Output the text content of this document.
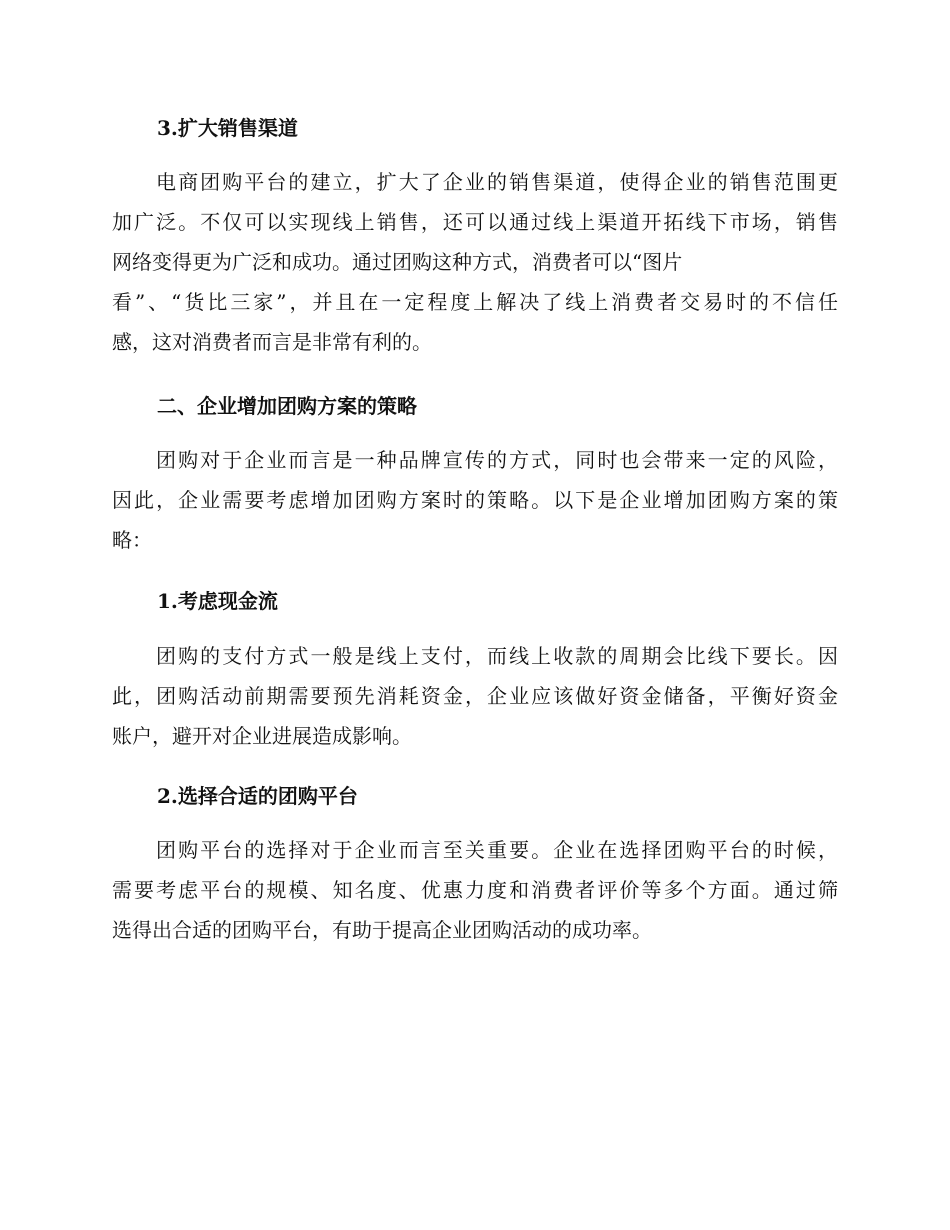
3.扩大销售渠道
电商团购平台的建立，扩大了企业的销售渠道，使得企业的销售范围更
加广泛。不仅可以实现线上销售，还可以通过线上渠道开拓线下市场，销售
网络变得更为广泛和成功。通过团购这种方式，消费者可以“图片
看”、“货比三家”，并且在一定程度上解决了线上消费者交易时的不信任
感，这对消费者而言是非常有利的。
二、企业增加团购方案的策略
团购对于企业而言是一种品牌宣传的方式，同时也会带来一定的风险，
因此，企业需要考虑增加团购方案时的策略。以下是企业增加团购方案的策
略：
1.考虑现金流
团购的支付方式一般是线上支付，而线上收款的周期会比线下要长。因
此，团购活动前期需要预先消耗资金，企业应该做好资金储备，平衡好资金
账户，避开对企业进展造成影响。
2.选择合适的团购平台
团购平台的选择对于企业而言至关重要。企业在选择团购平台的时候，
需要考虑平台的规模、知名度、优惠力度和消费者评价等多个方面。通过筛
选得出合适的团购平台，有助于提高企业团购活动的成功率。
